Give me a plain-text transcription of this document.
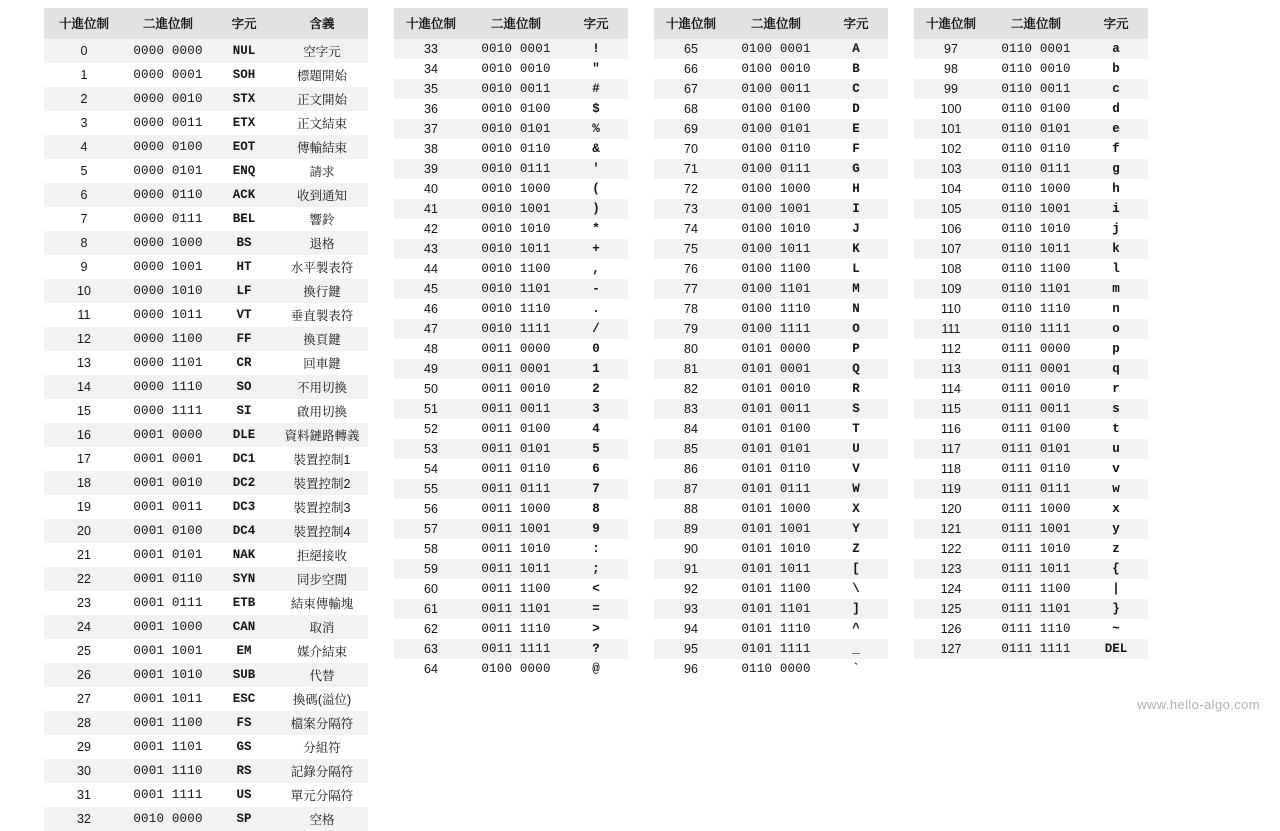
十進位制	二進位制	字元	含義
0	0000 0000	NUL	空字元
1	0000 0001	SOH	標題開始
2	0000 0010	STX	正文開始
3	0000 0011	ETX	正文結束
4	0000 0100	EOT	傳輸結束
5	0000 0101	ENQ	請求
6	0000 0110	ACK	收到通知
7	0000 0111	BEL	響鈴
8	0000 1000	BS	退格
9	0000 1001	HT	水平製表符
10	0000 1010	LF	換行鍵
11	0000 1011	VT	垂直製表符
12	0000 1100	FF	換頁鍵
13	0000 1101	CR	回車鍵
14	0000 1110	SO	不用切換
15	0000 1111	SI	啟用切換
16	0001 0000	DLE	資料鏈路轉義
17	0001 0001	DC1	裝置控制1
18	0001 0010	DC2	裝置控制2
19	0001 0011	DC3	裝置控制3
20	0001 0100	DC4	裝置控制4
21	0001 0101	NAK	拒絕接收
22	0001 0110	SYN	同步空閒
23	0001 0111	ETB	結束傳輸塊
24	0001 1000	CAN	取消
25	0001 1001	EM	媒介結束
26	0001 1010	SUB	代替
27	0001 1011	ESC	換碼(溢位)
28	0001 1100	FS	檔案分隔符
29	0001 1101	GS	分組符
30	0001 1110	RS	記錄分隔符
31	0001 1111	US	單元分隔符
32	0010 0000	SP	空格
十進位制	二進位制	字元
33	0010 0001	!
34	0010 0010	"
35	0010 0011	#
36	0010 0100	$
37	0010 0101	%
38	0010 0110	&
39	0010 0111	'
40	0010 1000	(
41	0010 1001	)
42	0010 1010	*
43	0010 1011	+
44	0010 1100	,
45	0010 1101	-
46	0010 1110	.
47	0010 1111	/
48	0011 0000	0
49	0011 0001	1
50	0011 0010	2
51	0011 0011	3
52	0011 0100	4
53	0011 0101	5
54	0011 0110	6
55	0011 0111	7
56	0011 1000	8
57	0011 1001	9
58	0011 1010	:
59	0011 1011	;
60	0011 1100	<
61	0011 1101	=
62	0011 1110	>
63	0011 1111	?
64	0100 0000	@
十進位制	二進位制	字元
65	0100 0001	A
66	0100 0010	B
67	0100 0011	C
68	0100 0100	D
69	0100 0101	E
70	0100 0110	F
71	0100 0111	G
72	0100 1000	H
73	0100 1001	I
74	0100 1010	J
75	0100 1011	K
76	0100 1100	L
77	0100 1101	M
78	0100 1110	N
79	0100 1111	O
80	0101 0000	P
81	0101 0001	Q
82	0101 0010	R
83	0101 0011	S
84	0101 0100	T
85	0101 0101	U
86	0101 0110	V
87	0101 0111	W
88	0101 1000	X
89	0101 1001	Y
90	0101 1010	Z
91	0101 1011	[
92	0101 1100	\
93	0101 1101	]
94	0101 1110	^
95	0101 1111	_
96	0110 0000	`
十進位制	二進位制	字元
97	0110 0001	a
98	0110 0010	b
99	0110 0011	c
100	0110 0100	d
101	0110 0101	e
102	0110 0110	f
103	0110 0111	g
104	0110 1000	h
105	0110 1001	i
106	0110 1010	j
107	0110 1011	k
108	0110 1100	l
109	0110 1101	m
110	0110 1110	n
111	0110 1111	o
112	0111 0000	p
113	0111 0001	q
114	0111 0010	r
115	0111 0011	s
116	0111 0100	t
117	0111 0101	u
118	0111 0110	v
119	0111 0111	w
120	0111 1000	x
121	0111 1001	y
122	0111 1010	z
123	0111 1011	{
124	0111 1100	|
125	0111 1101	}
126	0111 1110	~
127	0111 1111	DEL
www.hello-algo.com
